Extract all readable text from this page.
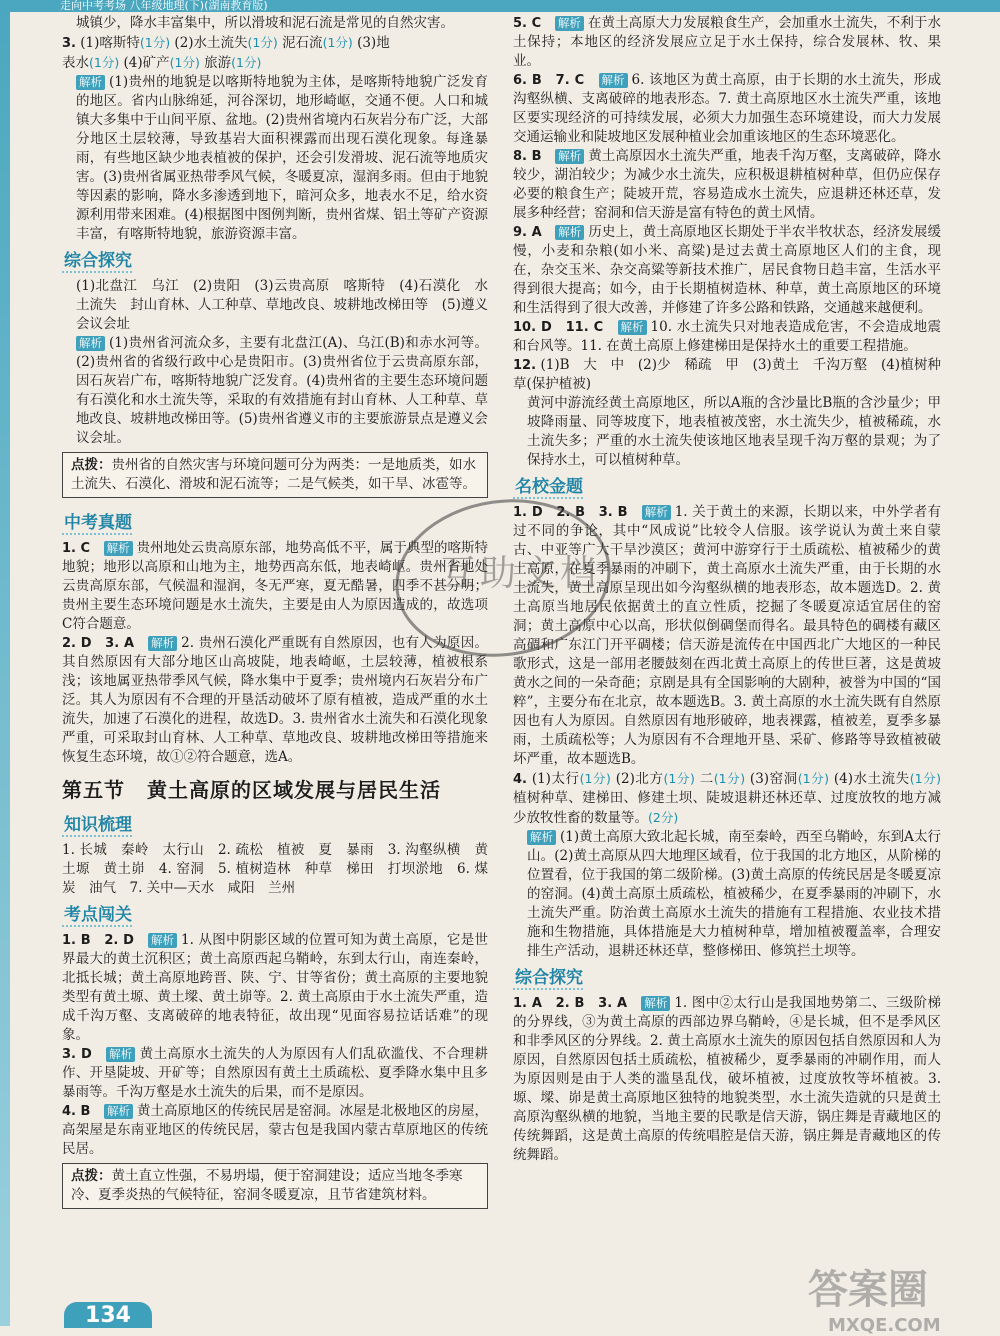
走向中考考场 八年级地理(下)(湖南教育版)

城镇少，降水丰富集中，所以滑坡和泥石流是常见的自然灾害。

3. (1)喀斯特(1分) (2)水土流失(1分) 泥石流(1分) (3)地
表水(1分) (4)矿产(1分) 旅游(1分)

解析 (1)贵州的地貌是以喀斯特地貌为主体，是喀斯特地貌广泛发育的地区。省内山脉绵延，河谷深切，地形崎岖，交通不便。人口和城镇大多集中于山间平原、盆地。(2)贵州省境内石灰岩分布广泛，大部分地区土层较薄，导致基岩大面积裸露而出现石漠化现象。每逢暴雨，有些地区缺少地表植被的保护，还会引发滑坡、泥石流等地质灾害。(3)贵州省属亚热带季风气候，冬暖夏凉，湿润多雨。但由于地貌等因素的影响，降水多渗透到地下，暗河众多，地表水不足，给水资源利用带来困难。(4)根据图中图例判断，贵州省煤、铝土等矿产资源丰富，有喀斯特地貌，旅游资源丰富。

综合探究

(1)北盘江　乌江　(2)贵阳　(3)云贵高原　喀斯特　(4)石漠化　水土流失　封山育林、人工种草、草地改良、坡耕地改梯田等　(5)遵义会议会址

解析 (1)贵州省河流众多，主要有北盘江(A)、乌江(B)和赤水河等。(2)贵州省的省级行政中心是贵阳市。(3)贵州省位于云贵高原东部，因石灰岩广布，喀斯特地貌广泛发育。(4)贵州省的主要生态环境问题有石漠化和水土流失等，采取的有效措施有封山育林、人工种草、草地改良、坡耕地改梯田等。(5)贵州省遵义市的主要旅游景点是遵义会议会址。

点拨：贵州省的自然灾害与环境问题可分为两类：一是地质类，如水土流失、石漠化、滑坡和泥石流等；二是气候类，如干旱、冰雹等。
中考真题

1. C　 解析 贵州地处云贵高原东部，地势高低不平，属于典型的喀斯特地貌；地形以高原和山地为主，地势西高东低，地表崎岖。贵州省地处云贵高原东部，气候温和湿润，冬无严寒，夏无酷暑，四季不甚分明；贵州主要生态环境问题是水土流失，主要是由人为原因造成的，故选项C符合题意。

2. D　3. A　 解析 2. 贵州石漠化严重既有自然原因，也有人为原因。其自然原因有大部分地区山高坡陡，地表崎岖，土层较薄，植被根系浅；该地属亚热带季风气候，降水集中于夏季；贵州境内石灰岩分布广泛。其人为原因有不合理的开垦活动破坏了原有植被，造成严重的水土流失，加速了石漠化的进程，故选D。3. 贵州省水土流失和石漠化现象严重，可采取封山育林、人工种草、草地改良、坡耕地改梯田等措施来恢复生态环境，故①②符合题意，选A。

第五节 黄土高原的区域发展与居民生活
知识梳理

1. 长城　秦岭　太行山　2. 疏松　植被　夏　暴雨　3. 沟壑纵横　黄土塬　黄土峁　4. 窑洞　5. 植树造林　种草　梯田　打坝淤地　6. 煤炭　油气　7. 关中—天水　咸阳　兰州

考点闯关

1. B　2. D　 解析 1. 从图中阴影区域的位置可知为黄土高原，它是世界最大的黄土沉积区；黄土高原西起乌鞘岭，东到太行山，南连秦岭，北抵长城；黄土高原地跨晋、陕、宁、甘等省份；黄土高原的主要地貌类型有黄土塬、黄土墚、黄土峁等。2. 黄土高原由于水土流失严重，造成千沟万壑、支离破碎的地表特征，故出现“见面容易拉话话难”的现象。

3. D　 解析 黄土高原水土流失的人为原因有人们乱砍滥伐、不合理耕作、开垦陡坡、开矿等；自然原因有黄土土质疏松、夏季降水集中且多暴雨等。千沟万壑是水土流失的后果，而不是原因。

4. B　 解析 黄土高原地区的传统民居是窑洞。冰屋是北极地区的房屋，高架屋是东南亚地区的传统民居，蒙古包是我国内蒙古草原地区的传统民居。

点拨：黄土直立性强，不易坍塌，便于窑洞建设；适应当地冬季寒冷、夏季炎热的气候特征，窑洞冬暖夏凉，且节省建筑材料。

5. C　 解析 在黄土高原大力发展粮食生产，会加重水土流失，不利于水土保持；本地区的经济发展应立足于水土保持，综合发展林、牧、果业。

6. B　7. C　 解析 6. 该地区为黄土高原，由于长期的水土流失，形成沟壑纵横、支离破碎的地表形态。7. 黄土高原地区水土流失严重，该地区要实现经济的可持续发展，必须大力加强生态环境建设，而大力发展交通运输业和陡坡地区发展种植业会加重该地区的生态环境恶化。

8. B　 解析 黄土高原因水土流失严重，地表千沟万壑，支离破碎，降水较少，湖泊较少；为减少水土流失，应积极退耕植树种草，但仍应保存必要的粮食生产；陡坡开荒，容易造成水土流失，应退耕还林还草，发展多种经营；窑洞和信天游是富有特色的黄土风情。

9. A　 解析 历史上，黄土高原地区长期处于半农半牧状态，经济发展缓慢，小麦和杂粮(如小米、高粱)是过去黄土高原地区人们的主食，现在，杂交玉米、杂交高粱等新技术推广，居民食物日趋丰富，生活水平得到很大提高；如今，由于长期植树造林、种草，黄土高原地区的环境和生活得到了很大改善，并修建了许多公路和铁路，交通越来越便利。

10. D　11. C　 解析 10. 水土流失只对地表造成危害，不会造成地震和台风等。11. 在黄土高原上修建梯田是保持水土的重要工程措施。

12. (1)B　大　中　(2)少　稀疏　甲　(3)黄土　千沟万壑　(4)植树种草(保护植被)

黄河中游流经黄土高原地区，所以A瓶的含沙量比B瓶的含沙量少；甲坡降雨量、同等坡度下，地表植被茂密，水土流失少，植被稀疏，水土流失多；严重的水土流失使该地区地表呈现千沟万壑的景观；为了保持水土，可以植树种草。

名校金题

1. D　2. B　3. B　 解析 1. 关于黄土的来源，长期以来，中外学者有过不同的争论，其中“风成说”比较令人信服。该学说认为黄土来自蒙古、中亚等广大干旱沙漠区；黄河中游穿行于土质疏松、植被稀少的黄土高原，在夏季暴雨的冲刷下，黄土高原水土流失严重，由于长期的水土流失，黄土高原呈现出如今沟壑纵横的地表形态，故本题选D。2. 黄土高原当地居民依据黄土的直立性质，挖掘了冬暖夏凉适宜居住的窑洞；黄土高原中心以高，形状似倒碉堡而得名。最具特色的碉楼有藏区高碉和广东江门开平碉楼；信天游是流传在中国西北广大地区的一种民歌形式，这是一部用老腰鼓刻在西北黄土高原上的传世巨著，这是黄坡黄水之间的一朵奇葩；京剧是具有全国影响的大剧种，被誉为中国的“国粹”，主要分布在北京，故本题选B。3. 黄土高原的水土流失既有自然原因也有人为原因。自然原因有地形破碎，地表裸露，植被差，夏季多暴雨，土质疏松等；人为原因有不合理地开垦、采矿、修路等导致植被破坏严重，故本题选B。

4. (1)太行(1分) (2)北方(1分) 二(1分) (3)窑洞(1分) (4)水土流失(1分) 植树种草、建梯田、修建土坝、陡坡退耕还林还草、过度放牧的地方减少放牧性畜的数量等。(2分)

解析 (1)黄土高原大致北起长城，南至秦岭，西至乌鞘岭，东到A太行山。(2)黄土高原从四大地理区域看，位于我国的北方地区，从阶梯的位置看，位于我国的第二级阶梯。(3)黄土高原的传统民居是冬暖夏凉的窑洞。(4)黄土高原土质疏松，植被稀少，在夏季暴雨的冲刷下，水土流失严重。防治黄土高原水土流失的措施有工程措施、农业技术措施和生物措施，具体措施是大力植树种草，增加植被覆盖率，合理安排生产活动，退耕还林还草，整修梯田、修筑拦土坝等。

综合探究

1. A　2. B　3. A　 解析 1. 图中②太行山是我国地势第二、三级阶梯的分界线，③为黄土高原的西部边界乌鞘岭，④是长城，但不是季风区和非季风区的分界线。2. 黄土高原水土流失的原因包括自然原因和人为原因，自然原因包括土质疏松，植被稀少，夏季暴雨的冲刷作用，而人为原因则是由于人类的滥垦乱伐，破坏植被，过度放牧等坏植被。3. 塬、墚、峁是黄土高原地区独特的地貌类型，水土流失造就的只是黄土高原沟壑纵横的地貌，当地主要的民歌是信天游，锅庄舞是青藏地区的传统舞蹈，这是黄土高原的传统唱腔是信天游，锅庄舞是青藏地区的传统舞蹈。

互助文档
答案圈
MXQE.COM
134
